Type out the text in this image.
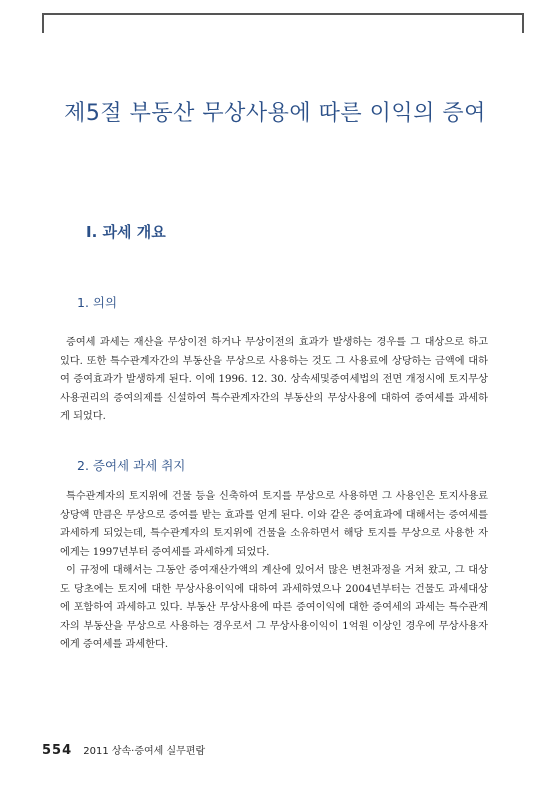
제5절 부동산 무상사용에 따른 이익의 증여
Ⅰ. 과세 개요
1. 의의

증여세 과세는 재산을 무상이전 하거나 무상이전의 효과가 발생하는 경우를 그 대상으로 하고 있다. 또한 특수관계자간의 부동산을 무상으로 사용하는 것도 그 사용료에 상당하는 금액에 대하여 증여효과가 발생하게 된다. 이에 1996. 12. 30. 상속세및증여세법의 전면 개정시에 토지무상사용권리의 증여의제를 신설하여 특수관계자간의 부동산의 무상사용에 대하여 증여세를 과세하게 되었다.

2. 증여세 과세 취지

특수관계자의 토지위에 건물 등을 신축하여 토지를 무상으로 사용하면 그 사용인은 토지사용료 상당액 만큼은 무상으로 증여를 받는 효과를 얻게 된다. 이와 같은 증여효과에 대해서는 증여세를 과세하게 되었는데, 특수관계자의 토지위에 건물을 소유하면서 해당 토지를 무상으로 사용한 자에게는 1997년부터 증여세를 과세하게 되었다.

이 규정에 대해서는 그동안 증여재산가액의 계산에 있어서 많은 변천과정을 거쳐 왔고, 그 대상도 당초에는 토지에 대한 무상사용이익에 대하여 과세하였으나 2004년부터는 건물도 과세대상에 포함하여 과세하고 있다. 부동산 무상사용에 따른 증여이익에 대한 증여세의 과세는 특수관계자의 부동산을 무상으로 사용하는 경우로서 그 무상사용이익이 1억원 이상인 경우에 무상사용자에게 증여세를 과세한다.

554 2011 상속·증여세 실무편람
